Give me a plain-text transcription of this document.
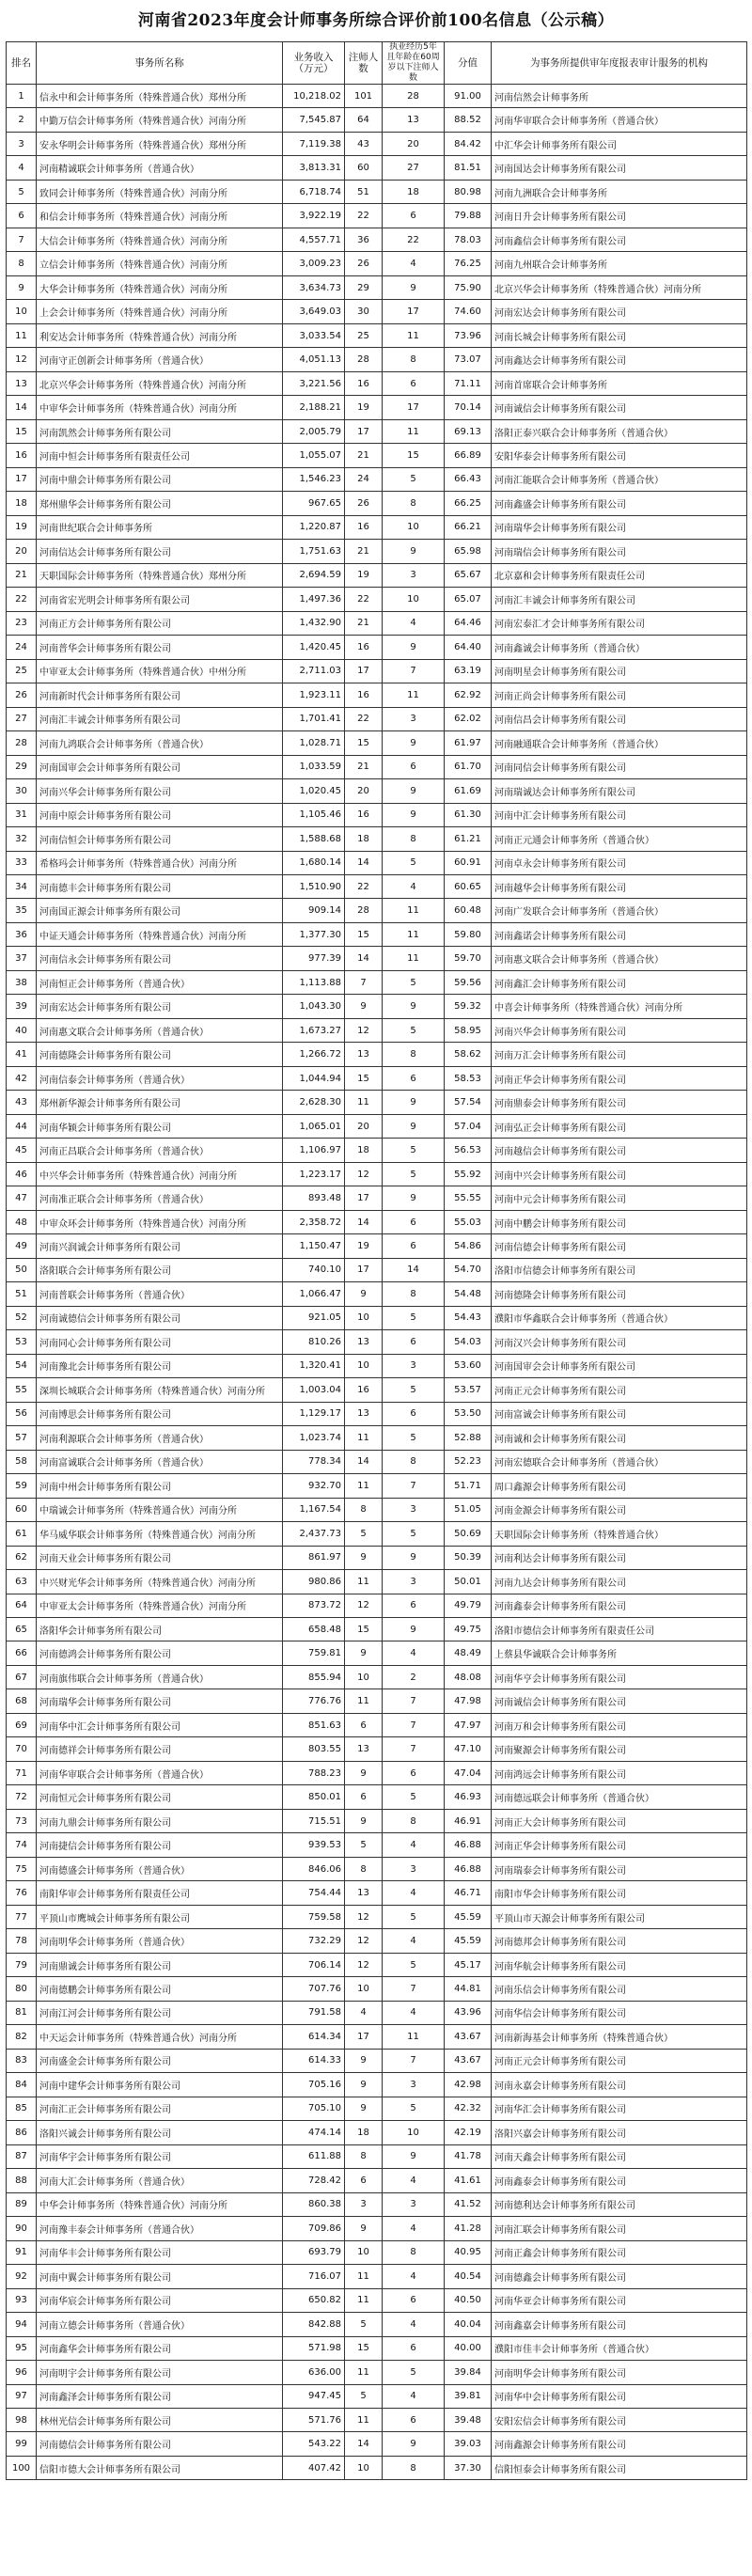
河南省2023年度会计师事务所综合评价前100名信息（公示稿）
排名	事务所名称	业务收入（万元）	注师人数	执业经历5年且年龄在60周岁以下注师人数	分值	为事务所提供审年度报表审计服务的机构
1	信永中和会计师事务所（特殊普通合伙）郑州分所	10,218.02	101	28	91.00	河南信然会计师事务所
2	中勤万信会计师事务所（特殊普通合伙）河南分所	7,545.87	64	13	88.52	河南华审联合会计师事务所（普通合伙）
3	安永华明会计师事务所（特殊普通合伙）郑州分所	7,119.38	43	20	84.42	中汇华会计师事务所有限公司
4	河南精诚联会计师事务所（普通合伙）	3,813.31	60	27	81.51	河南国达会计师事务所有限公司
5	致同会计师事务所（特殊普通合伙）河南分所	6,718.74	51	18	80.98	河南九洲联合会计师事务所
6	和信会计师事务所（特殊普通合伙）河南分所	3,922.19	22	6	79.88	河南日升会计师事务所有限公司
7	大信会计师事务所（特殊普通合伙）河南分所	4,557.71	36	22	78.03	河南鑫信会计师事务所有限公司
8	立信会计师事务所（特殊普通合伙）河南分所	3,009.23	26	4	76.25	河南九州联合会计师事务所
9	大华会计师事务所（特殊普通合伙）河南分所	3,634.73	29	9	75.90	北京兴华会计师事务所（特殊普通合伙）河南分所
10	上会会计师事务所（特殊普通合伙）河南分所	3,649.03	30	17	74.60	河南宏达会计师事务所有限公司
11	利安达会计师事务所（特殊普通合伙）河南分所	3,033.54	25	11	73.96	河南长城会计师事务所有限公司
12	河南守正创新会计师事务所（普通合伙）	4,051.13	28	8	73.07	河南鑫达会计师事务所有限公司
13	北京兴华会计师事务所（特殊普通合伙）河南分所	3,221.56	16	6	71.11	河南首席联合会计师事务所
14	中审华会计师事务所（特殊普通合伙）河南分所	2,188.21	19	17	70.14	河南诚信会计师事务所有限公司
15	河南凯然会计师事务所有限公司	2,005.79	17	11	69.13	洛阳正泰兴联合会计师事务所（普通合伙）
16	河南中恒会计师事务所有限责任公司	1,055.07	21	15	66.89	安阳华泰会计师事务所有限公司
17	河南中鼎会计师事务所有限公司	1,546.23	24	5	66.43	河南汇能联合会计师事务所（普通合伙）
18	郑州鼎华会计师事务所有限公司	967.65	26	8	66.25	河南鑫盛会计师事务所有限公司
19	河南世纪联合会计师事务所	1,220.87	16	10	66.21	河南瑞华会计师事务所有限公司
20	河南信达会计师事务所有限公司	1,751.63	21	9	65.98	河南瑞信会计师事务所有限公司
21	天职国际会计师事务所（特殊普通合伙）郑州分所	2,694.59	19	3	65.67	北京嘉和会计师事务所有限责任公司
22	河南省宏光明会计师事务所有限公司	1,497.36	22	10	65.07	河南汇丰诚会计师事务所有限公司
23	河南正方会计师事务所有限公司	1,432.90	21	4	64.46	河南宏泰汇才会计师事务所有限公司
24	河南普华会计师事务所有限公司	1,420.45	16	9	64.40	河南鑫诚会计师事务所（普通合伙）
25	中审亚太会计师事务所（特殊普通合伙）中州分所	2,711.03	17	7	63.19	河南明星会计师事务所有限公司
26	河南新时代会计师事务所有限公司	1,923.11	16	11	62.92	河南正尚会计师事务所有限公司
27	河南汇丰诚会计师事务所有限公司	1,701.41	22	3	62.02	河南信昌会计师事务所有限公司
28	河南九鸿联合会计师事务所（普通合伙）	1,028.71	15	9	61.97	河南融通联合会计师事务所（普通合伙）
29	河南国审会会计师事务所有限公司	1,033.59	21	6	61.70	河南同信会计师事务所有限公司
30	河南兴华会计师事务所有限公司	1,020.45	20	9	61.69	河南瑞诚达会计师事务所有限公司
31	河南中原会计师事务所有限公司	1,105.46	16	9	61.30	河南中汇会计师事务所有限公司
32	河南信恒会计师事务所有限公司	1,588.68	18	8	61.21	河南正元通会计师事务所（普通合伙）
33	希格玛会计师事务所（特殊普通合伙）河南分所	1,680.14	14	5	60.91	河南卓永会计师事务所有限公司
34	河南德丰会计师事务所有限公司	1,510.90	22	4	60.65	河南越华会计师事务所有限公司
35	河南国正源会计师事务所有限公司	909.14	28	11	60.48	河南广发联合会计师事务所（普通合伙）
36	中证天通会计师事务所（特殊普通合伙）河南分所	1,377.30	15	11	59.80	河南鑫诺会计师事务所有限公司
37	河南信永会计师事务所有限公司	977.39	14	11	59.70	河南惠文联合会计师事务所（普通合伙）
38	河南恒正会计师事务所（普通合伙）	1,113.88	7	5	59.56	河南鑫汇会计师事务所有限公司
39	河南宏达会计师事务所有限公司	1,043.30	9	9	59.32	中喜会计师事务所（特殊普通合伙）河南分所
40	河南惠文联合会计师事务所（普通合伙）	1,673.27	12	5	58.95	河南兴华会计师事务所有限公司
41	河南德隆会计师事务所有限公司	1,266.72	13	8	58.62	河南万汇会计师事务所有限公司
42	河南信泰会计师事务所（普通合伙）	1,044.94	15	6	58.53	河南正华会计师事务所有限公司
43	郑州新华源会计师事务所有限公司	2,628.30	11	9	57.54	河南鼎泰会计师事务所有限公司
44	河南华颖会计师事务所有限公司	1,065.01	20	9	57.04	河南弘正会计师事务所有限公司
45	河南正昌联合会计师事务所（普通合伙）	1,106.97	18	5	56.53	河南越信会计师事务所有限公司
46	中兴华会计师事务所（特殊普通合伙）河南分所	1,223.17	12	5	55.92	河南中兴会计师事务所有限公司
47	河南准正联合会计师事务所（普通合伙）	893.48	17	9	55.55	河南中元会计师事务所有限公司
48	中审众环会计师事务所（特殊普通合伙）河南分所	2,358.72	14	6	55.03	河南中鹏会计师事务所有限公司
49	河南兴润诚会计师事务所有限公司	1,150.47	19	6	54.86	河南信德会计师事务所有限公司
50	洛阳联合会计师事务所有限公司	740.10	17	14	54.70	洛阳市信德会计师事务所有限公司
51	河南普联会计师事务所（普通合伙）	1,066.47	9	8	54.48	河南德隆会计师事务所有限公司
52	河南诚德信会计师事务所有限公司	921.05	10	5	54.43	濮阳市华鑫联合会计师事务所（普通合伙）
53	河南同心会计师事务所有限公司	810.26	13	6	54.03	河南汉兴会计师事务所有限公司
54	河南豫北会计师事务所有限公司	1,320.41	10	3	53.60	河南国审会会计师事务所有限公司
55	深圳长城联合会计师事务所（特殊普通合伙）河南分所	1,003.04	16	5	53.57	河南正元会计师事务所有限公司
56	河南博思会计师事务所有限公司	1,129.17	13	6	53.50	河南富诚会计师事务所有限公司
57	河南利源联合会计师事务所（普通合伙）	1,023.74	11	5	52.88	河南诚和会计师事务所有限公司
58	河南富诚联合会计师事务所（普通合伙）	778.34	14	8	52.23	河南宏德联合会计师事务所（普通合伙）
59	河南中州会计师事务所有限公司	932.70	11	7	51.71	周口鑫源会计师事务所有限公司
60	中瑞诚会计师事务所（特殊普通合伙）河南分所	1,167.54	8	3	51.05	河南金源会计师事务所有限公司
61	华马威华联会计师事务所（特殊普通合伙）河南分所	2,437.73	5	5	50.69	天职国际会计师事务所（特殊普通合伙）
62	河南天业会计师事务所有限公司	861.97	9	9	50.39	河南利达会计师事务所有限公司
63	中兴财光华会计师事务所（特殊普通合伙）河南分所	980.86	11	3	50.01	河南九达会计师事务所有限公司
64	中审亚太会计师事务所（特殊普通合伙）河南分所	873.72	12	6	49.79	河南鑫泰会计师事务所有限公司
65	洛阳华会计师事务所有限公司	658.48	15	9	49.75	洛阳市德信会计师事务所有限责任公司
66	河南德鸿会计师事务所有限公司	759.81	9	4	48.49	上蔡县华诚联合会计师事务所
67	河南旗伟联合会计师事务所（普通合伙）	855.94	10	2	48.08	河南华亨会计师事务所有限公司
68	河南瑞华会计师事务所有限公司	776.76	11	7	47.98	河南诚信会计师事务所有限公司
69	河南华中汇会计师事务所有限公司	851.63	6	7	47.97	河南万和会计师事务所有限公司
70	河南德祥会计师事务所有限公司	803.55	13	7	47.10	河南聚源会计师事务所有限公司
71	河南华审联合会计师事务所（普通合伙）	788.23	9	6	47.04	河南鸿远会计师事务所有限公司
72	河南恒元会计师事务所有限公司	850.01	6	5	46.93	河南德远联会计师事务所（普通合伙）
73	河南九鼎会计师事务所有限公司	715.51	9	8	46.91	河南正大会计师事务所有限公司
74	河南捷信会计师事务所有限公司	939.53	5	4	46.88	河南正华会计师事务所有限公司
75	河南德盛会计师事务所（普通合伙）	846.06	8	3	46.88	河南瑞泰会计师事务所有限公司
76	南阳华审会计师事务所有限责任公司	754.44	13	4	46.71	南阳市华会计师事务所有限公司
77	平顶山市鹰城会计师事务所有限公司	759.58	12	5	45.59	平顶山市天源会计师事务所有限公司
78	河南明华会计师事务所（普通合伙）	732.29	12	4	45.59	河南德邦会计师事务所有限公司
79	河南鼎诚会计师事务所有限公司	706.14	12	5	45.17	河南华航会计师事务所有限公司
80	河南德鹏会计师事务所有限公司	707.76	10	7	44.81	河南乐信会计师事务所有限公司
81	河南江河会计师事务所有限公司	791.58	4	4	43.96	河南华信会计师事务所有限公司
82	中天运会计师事务所（特殊普通合伙）河南分所	614.34	17	11	43.67	河南新海基会计师事务所（特殊普通合伙）
83	河南盛金会计师事务所有限公司	614.33	9	7	43.67	河南正元会计师事务所有限公司
84	河南中建华会计师事务所有限公司	705.16	9	3	42.98	河南永嘉会计师事务所有限公司
85	河南汇正会计师事务所有限公司	705.10	9	5	42.32	河南华汇会计师事务所有限公司
86	洛阳兴诚会计师事务所有限公司	474.14	18	10	42.19	洛阳兴嘉会计师事务所有限公司
87	河南华宇会计师事务所有限公司	611.88	8	9	41.78	河南天鑫会计师事务所有限公司
88	河南大汇会计师事务所（普通合伙）	728.42	6	4	41.61	河南鑫泰会计师事务所有限公司
89	中华会计师事务所（特殊普通合伙）河南分所	860.38	3	3	41.52	河南德利达会计师事务所有限公司
90	河南豫丰泰会计师事务所（普通合伙）	709.86	9	4	41.28	河南汇联会计师事务所有限公司
91	河南华丰会计师事务所有限公司	693.79	10	8	40.95	河南正鑫会计师事务所有限公司
92	河南中翼会计师事务所有限公司	716.07	11	4	40.54	河南德鑫会计师事务所有限公司
93	河南华宸会计师事务所有限公司	650.82	11	6	40.50	河南华亚会计师事务所有限公司
94	河南立德会计师事务所（普通合伙）	842.88	5	4	40.04	河南鑫嘉会计师事务所有限公司
95	河南鑫华会计师事务所有限公司	571.98	15	6	40.00	濮阳市佳丰会计师事务所（普通合伙）
96	河南明宇会计师事务所有限公司	636.00	11	5	39.84	河南明华会计师事务所有限公司
97	河南鑫泽会计师事务所有限公司	947.45	5	4	39.81	河南华中会计师事务所有限公司
98	林州光信会计师事务所有限公司	571.76	11	6	39.48	安阳宏信会计师事务所有限公司
99	河南德信会计师事务所有限公司	543.22	14	9	39.03	河南鑫源会计师事务所有限公司
100	信阳市德大会计师事务所有限公司	407.42	10	8	37.30	信阳恒泰会计师事务所有限公司
